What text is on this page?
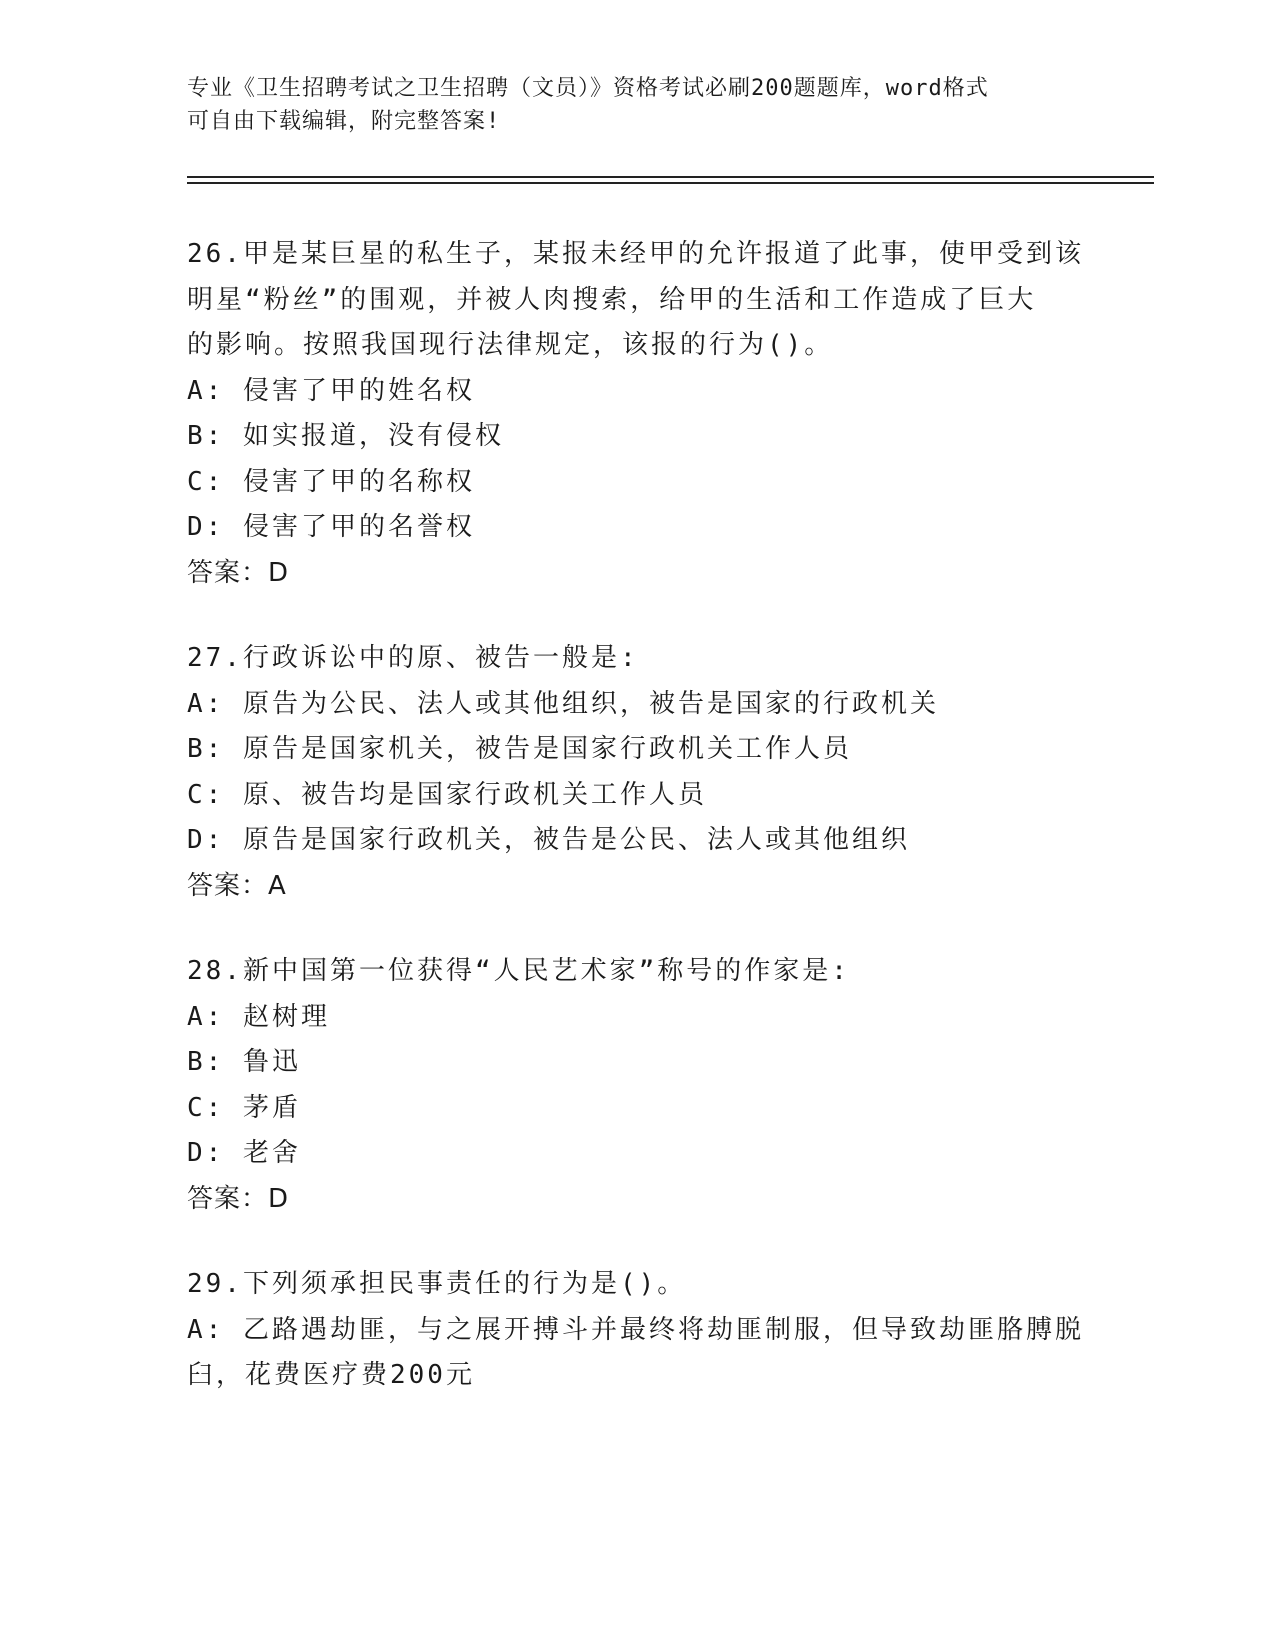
专业《卫生招聘考试之卫生招聘（文员）》资格考试必刷200题题库，word格式
可自由下载编辑，附完整答案!
26.甲是某巨星的私生子，某报未经甲的允许报道了此事，使甲受到该
明星“粉丝”的围观，并被人肉搜索，给甲的生活和工作造成了巨大
的影响。按照我国现行法律规定，该报的行为()。
A: 侵害了甲的姓名权
B: 如实报道，没有侵权
C: 侵害了甲的名称权
D: 侵害了甲的名誉权
答案：D
27.行政诉讼中的原、被告一般是:
A: 原告为公民、法人或其他组织，被告是国家的行政机关
B: 原告是国家机关，被告是国家行政机关工作人员
C: 原、被告均是国家行政机关工作人员
D: 原告是国家行政机关，被告是公民、法人或其他组织
答案：A
28.新中国第一位获得“人民艺术家”称号的作家是:
A: 赵树理
B: 鲁迅
C: 茅盾
D: 老舍
答案：D
29.下列须承担民事责任的行为是()。
A: 乙路遇劫匪，与之展开搏斗并最终将劫匪制服，但导致劫匪胳膊脱
臼，花费医疗费200元
